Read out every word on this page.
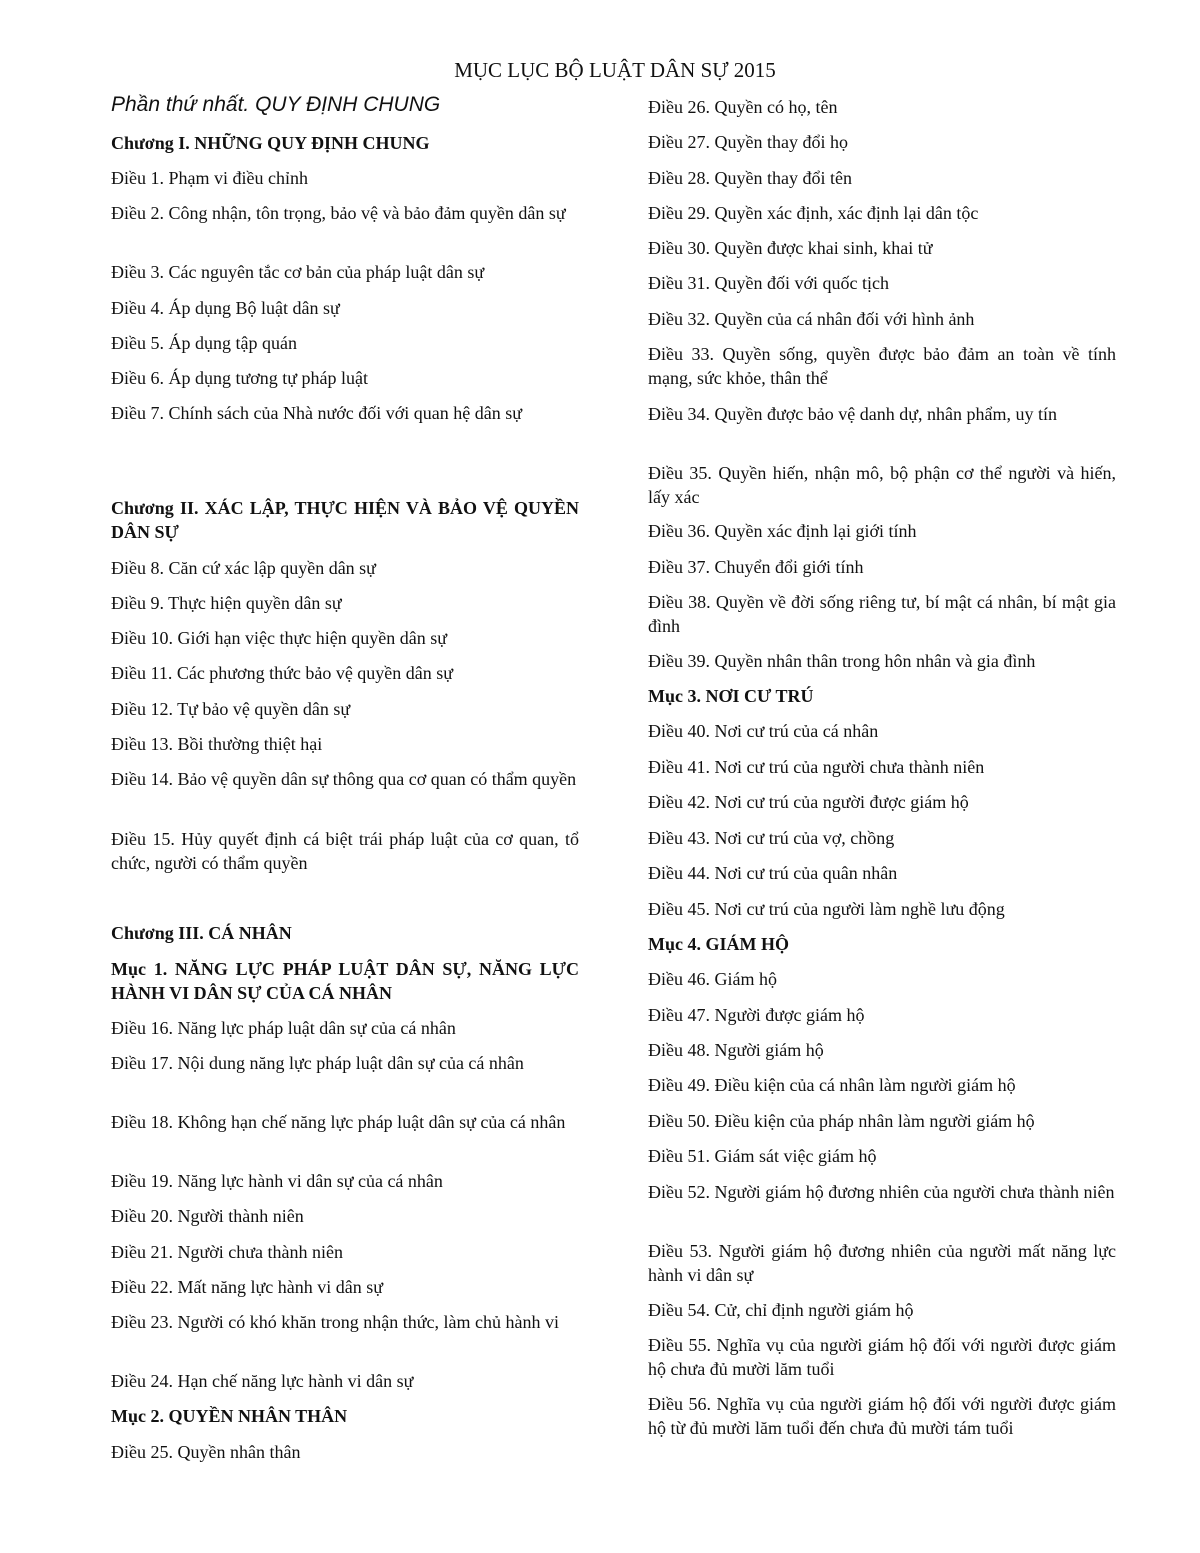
MỤC LỤC BỘ LUẬT DÂN SỰ 2015
Phần thứ nhất. QUY ĐỊNH CHUNG
Chương I. NHỮNG QUY ĐỊNH CHUNG
Điều 1. Phạm vi điều chỉnh
Điều 2. Công nhận, tôn trọng, bảo vệ và bảo đảm quyền dân sự
Điều 3. Các nguyên tắc cơ bản của pháp luật dân sự
Điều 4. Áp dụng Bộ luật dân sự
Điều 5. Áp dụng tập quán
Điều 6. Áp dụng tương tự pháp luật
Điều 7. Chính sách của Nhà nước đối với quan hệ dân sự
Chương II. XÁC LẬP, THỰC HIỆN VÀ BẢO VỆ QUYỀN DÂN SỰ
Điều 8. Căn cứ xác lập quyền dân sự
Điều 9. Thực hiện quyền dân sự
Điều 10. Giới hạn việc thực hiện quyền dân sự
Điều 11. Các phương thức bảo vệ quyền dân sự
Điều 12. Tự bảo vệ quyền dân sự
Điều 13. Bồi thường thiệt hại
Điều 14. Bảo vệ quyền dân sự thông qua cơ quan có thẩm quyền
Điều 15. Hủy quyết định cá biệt trái pháp luật của cơ quan, tổ chức, người có thẩm quyền
Chương III. CÁ NHÂN
Mục 1. NĂNG LỰC PHÁP LUẬT DÂN SỰ, NĂNG LỰC HÀNH VI DÂN SỰ CỦA CÁ NHÂN
Điều 16. Năng lực pháp luật dân sự của cá nhân
Điều 17. Nội dung năng lực pháp luật dân sự của cá nhân
Điều 18. Không hạn chế năng lực pháp luật dân sự của cá nhân
Điều 19. Năng lực hành vi dân sự của cá nhân
Điều 20. Người thành niên
Điều 21. Người chưa thành niên
Điều 22. Mất năng lực hành vi dân sự
Điều 23. Người có khó khăn trong nhận thức, làm chủ hành vi
Điều 24. Hạn chế năng lực hành vi dân sự
Mục 2. QUYỀN NHÂN THÂN
Điều 25. Quyền nhân thân
Điều 26. Quyền có họ, tên
Điều 27. Quyền thay đổi họ
Điều 28. Quyền thay đổi tên
Điều 29. Quyền xác định, xác định lại dân tộc
Điều 30. Quyền được khai sinh, khai tử
Điều 31. Quyền đối với quốc tịch
Điều 32. Quyền của cá nhân đối với hình ảnh
Điều 33. Quyền sống, quyền được bảo đảm an toàn về tính mạng, sức khỏe, thân thể
Điều 34. Quyền được bảo vệ danh dự, nhân phẩm, uy tín
Điều 35. Quyền hiến, nhận mô, bộ phận cơ thể người và hiến, lấy xác
Điều 36. Quyền xác định lại giới tính
Điều 37. Chuyển đổi giới tính
Điều 38. Quyền về đời sống riêng tư, bí mật cá nhân, bí mật gia đình
Điều 39. Quyền nhân thân trong hôn nhân và gia đình
Mục 3. NƠI CƯ TRÚ
Điều 40. Nơi cư trú của cá nhân
Điều 41. Nơi cư trú của người chưa thành niên
Điều 42. Nơi cư trú của người được giám hộ
Điều 43. Nơi cư trú của vợ, chồng
Điều 44. Nơi cư trú của quân nhân
Điều 45. Nơi cư trú của người làm nghề lưu động
Mục 4. GIÁM HỘ
Điều 46. Giám hộ
Điều 47. Người được giám hộ
Điều 48. Người giám hộ
Điều 49. Điều kiện của cá nhân làm người giám hộ
Điều 50. Điều kiện của pháp nhân làm người giám hộ
Điều 51. Giám sát việc giám hộ
Điều 52. Người giám hộ đương nhiên của người chưa thành niên
Điều 53. Người giám hộ đương nhiên của người mất năng lực hành vi dân sự
Điều 54. Cử, chỉ định người giám hộ
Điều 55. Nghĩa vụ của người giám hộ đối với người được giám hộ chưa đủ mười lăm tuổi
Điều 56. Nghĩa vụ của người giám hộ đối với người được giám hộ từ đủ mười lăm tuổi đến chưa đủ mười tám tuổi
